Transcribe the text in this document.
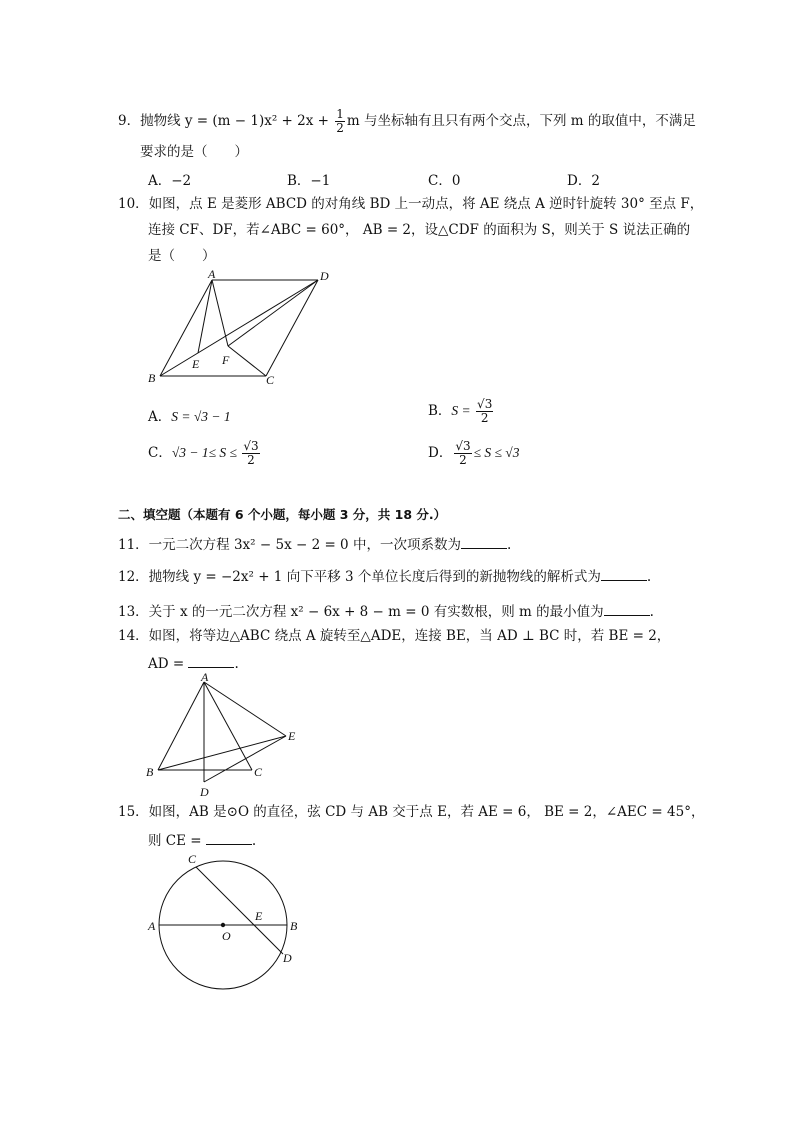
9．抛物线 $y = (m - 1)x^2 + 2x + \frac{1}{2}$ m 与坐标轴有且只有两个交点，下列 m 的取值中，不满足
要求的是（　　）
A．−2	B．−1	C．0	D．2
10．如图，点 E 是菱形 ABCD 的对角线 BD 上一动点，将 AE 绕点 A 逆时针旋转 30° 至点 F，
连接 CF、DF，若∠ABC = 60°， AB = 2，设△CDF 的面积为 S，则关于 S 说法正确的
是（　　）
A	D
B	C
E F
A．S = √3 − 1	B．$S = \frac{√3}{2}$
C．$√3 - 1\le S \le \frac{√3}{2}$	D． $\frac{√3}{2} \le S \le √3$
二、填空题（本题有 6 个小题，每小题 3 分，共 18 分.）
11．一元二次方程 3x² − 5x − 2 = 0 中，一次项系数为	.
12．抛物线 y = −2x² + 1 向下平移 3 个单位长度后得到的新抛物线的解析式为	.
13．关于 x 的一元二次方程 x² − 6x + 8 − m = 0 有实数根，则 m 的最小值为	.
14．如图，将等边△ABC 绕点 A 旋转至△ADE，连接 BE，当 AD ⊥ BC 时，若 BE = 2，
AD =	.
A
B	C
D
E
15．如图，AB 是⊙O 的直径，弦 CD 与 AB 交于点 E，若 AE = 6， BE = 2，∠AEC = 45°，
则 CE =	.
A	B
C
D
E
O
